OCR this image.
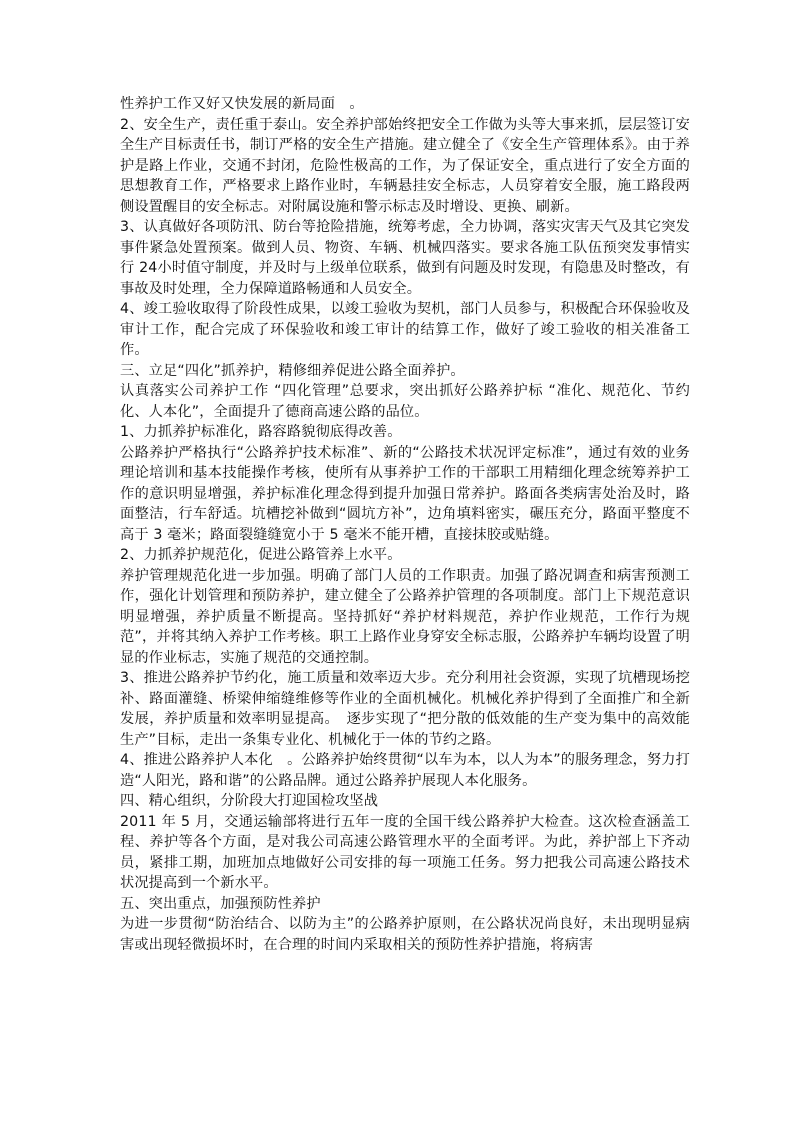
性养护工作又好又快发展的新局面　。

2、安全生产，责任重于泰山。安全养护部始终把安全工作做为头等大事来抓，层层签订安全生产目标责任书，制订严格的安全生产措施。建立健全了《安全生产管理体系》。由于养护是路上作业，交通不封闭，危险性极高的工作，为了保证安全，重点进行了安全方面的思想教育工作，严格要求上路作业时，车辆悬挂安全标志，人员穿着安全服，施工路段两侧设置醒目的安全标志。对附属设施和警示标志及时增设、更换、刷新。

3、认真做好各项防汛、防台等抢险措施，统筹考虑，全力协调，落实灾害天气及其它突发事件紧急处置预案。做到人员、物资、车辆、机械四落实。要求各施工队伍预突发事情实行 24小时值守制度，并及时与上级单位联系，做到有问题及时发现，有隐患及时整改，有事故及时处理，全力保障道路畅通和人员安全。

4、竣工验收取得了阶段性成果，以竣工验收为契机，部门人员参与，积极配合环保验收及审计工作，配合完成了环保验收和竣工审计的结算工作，做好了竣工验收的相关准备工作。

三、立足“四化”抓养护，精修细养促进公路全面养护。

认真落实公司养护工作 “四化管理”总要求，突出抓好公路养护标 “准化、规范化、节约化、人本化”，全面提升了德商高速公路的品位。

1、力抓养护标准化，路容路貌彻底得改善。

公路养护严格执行“公路养护技术标准”、新的“公路技术状况评定标准”，通过有效的业务理论培训和基本技能操作考核，使所有从事养护工作的干部职工用精细化理念统筹养护工作的意识明显增强，养护标准化理念得到提升加强日常养护。路面各类病害处治及时，路面整洁，行车舒适。坑槽挖补做到“圆坑方补”，边角填料密实，碾压充分，路面平整度不高于 3 毫米；路面裂缝缝宽小于 5 毫米不能开槽，直接抹胶或贴缝。

2、力抓养护规范化，促进公路管养上水平。

养护管理规范化进一步加强。明确了部门人员的工作职责。加强了路况调查和病害预测工作，强化计划管理和预防养护，建立健全了公路养护管理的各项制度。部门上下规范意识明显增强，养护质量不断提高。坚持抓好“养护材料规范，养护作业规范，工作行为规范”，并将其纳入养护工作考核。职工上路作业身穿安全标志服，公路养护车辆均设置了明显的作业标志，实施了规范的交通控制。

3、推进公路养护节约化，施工质量和效率迈大步。充分利用社会资源，实现了坑槽现场挖补、路面灌缝、桥梁伸缩缝维修等作业的全面机械化。机械化养护得到了全面推广和全新发展，养护质量和效率明显提高。　逐步实现了“把分散的低效能的生产变为集中的高效能生产”目标，走出一条集专业化、机械化于一体的节约之路。

4、推进公路养护人本化　。公路养护始终贯彻“以车为本，以人为本”的服务理念，努力打造“人阳光，路和谐”的公路品牌。通过公路养护展现人本化服务。

四、精心组织，分阶段大打迎国检攻坚战

2011 年 5 月，交通运输部将进行五年一度的全国干线公路养护大检查。这次检查涵盖工程、养护等各个方面，是对我公司高速公路管理水平的全面考评。为此，养护部上下齐动员，紧排工期，加班加点地做好公司安排的每一项施工任务。努力把我公司高速公路技术状况提高到一个新水平。

五、突出重点，加强预防性养护

为进一步贯彻“防治结合、以防为主”的公路养护原则，在公路状况尚良好，未出现明显病害或出现轻微损坏时，在合理的时间内采取相关的预防性养护措施，将病害
